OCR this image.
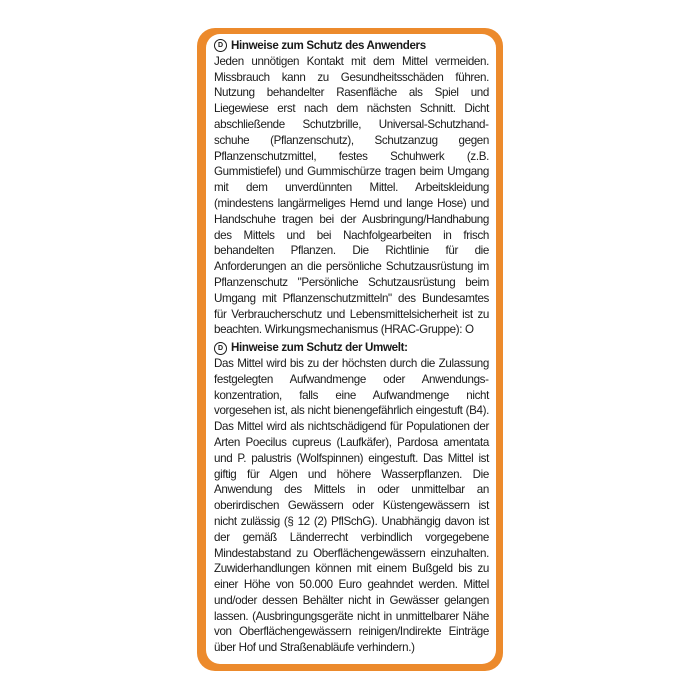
D Hinweise zum Schutz des Anwenders

Jeden unnötigen Kontakt mit dem Mittel vermeiden. Missbrauch kann zu Gesundheitsschäden führen. Nutzung behandelter Rasenfläche als Spiel und Liegewiese erst nach dem nächsten Schnitt. Dicht abschließende Schutzbrille, Universal-Schutzhandschuhe (Pflanzenschutz), Schutzanzug gegen Pflanzenschutzmittel, festes Schuhwerk (z.B. Gummistiefel) und Gummischürze tragen beim Umgang mit dem unverdünnten Mittel. Arbeitskleidung (mindestens langärmeliges Hemd und lange Hose) und Handschuhe tragen bei der Ausbringung/Handhabung des Mittels und bei Nachfolgearbeiten in frisch behandelten Pflanzen. Die Richtlinie für die Anforderungen an die persönliche Schutzausrüstung im Pflanzenschutz "Persönliche Schutzausrüstung beim Umgang mit Pflanzenschutzmitteln" des Bundesamtes für Verbraucherschutz und Lebensmittelsicherheit ist zu beachten. Wirkungsmechanismus (HRAC-Gruppe): O

D Hinweise zum Schutz der Umwelt:

Das Mittel wird bis zu der höchsten durch die Zulassung festgelegten Aufwandmenge oder Anwendungskonzentration, falls eine Aufwandmenge nicht vorgesehen ist, als nicht bienengefährlich eingestuft (B4). Das Mittel wird als nichtschädigend für Populationen der Arten Poecilus cupreus (Laufkäfer), Pardosa amentata und P. palustris (Wolfspinnen) eingestuft. Das Mittel ist giftig für Algen und höhere Wasserpflanzen. Die Anwendung des Mittels in oder unmittelbar an oberirdischen Gewässern oder Küstengewässern ist nicht zulässig (§ 12 (2) PflSchG). Unabhängig davon ist der gemäß Länderrecht verbindlich vorgegebene Mindestabstand zu Oberflächengewässern einzuhalten. Zuwiderhandlungen können mit einem Bußgeld bis zu einer Höhe von 50.000 Euro geahndet werden. Mittel und/oder dessen Behälter nicht in Gewässer gelangen lassen. (Ausbringungsgeräte nicht in unmittelbarer Nähe von Oberflächengewässern reinigen/Indirekte Einträge über Hof und Straßenabläufe verhindern.)
